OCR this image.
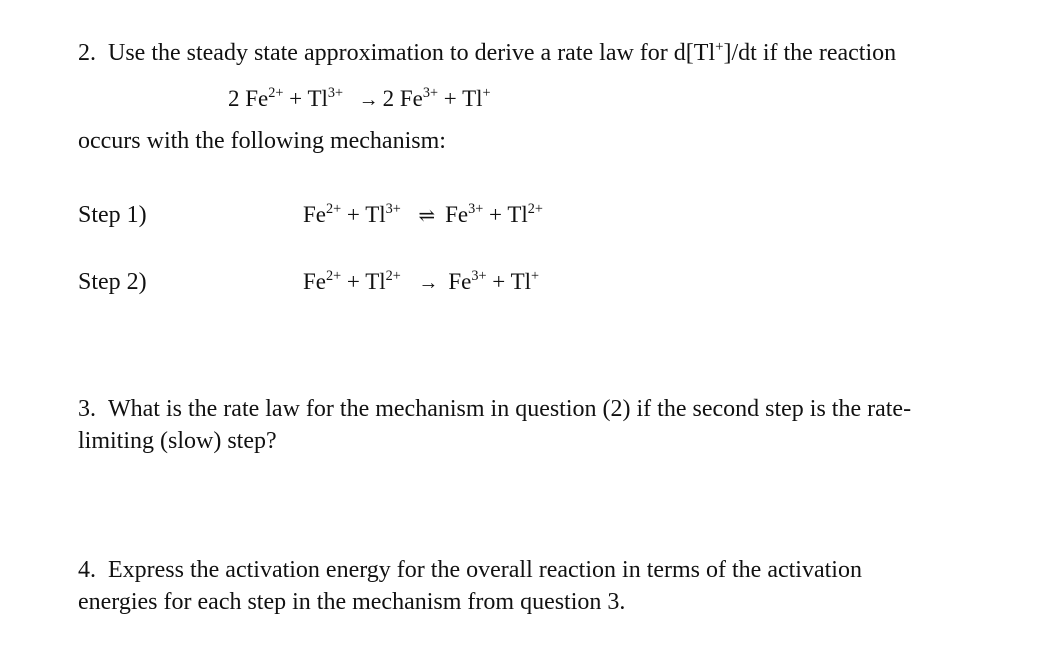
2. Use the steady state approximation to derive a rate law for d[Tl+]/dt if the reaction
2 $Fe^{2+} + Tl^{3+} \to 2$ $Fe^{3+} + Tl^+$
occurs with the following mechanism:
Step 1)	$Fe^{2+} + Tl^{3+}$ ⇌ $Fe^{3+} + Tl^{2+}$
Step 2)	$Fe^{2+} + Tl^{2+} \to Fe^{3+} + Tl^+$
3. What is the rate law for the mechanism in question (2) if the second step is the rate-
limiting (slow) step?
4. Express the activation energy for the overall reaction in terms of the activation
energies for each step in the mechanism from question 3.
